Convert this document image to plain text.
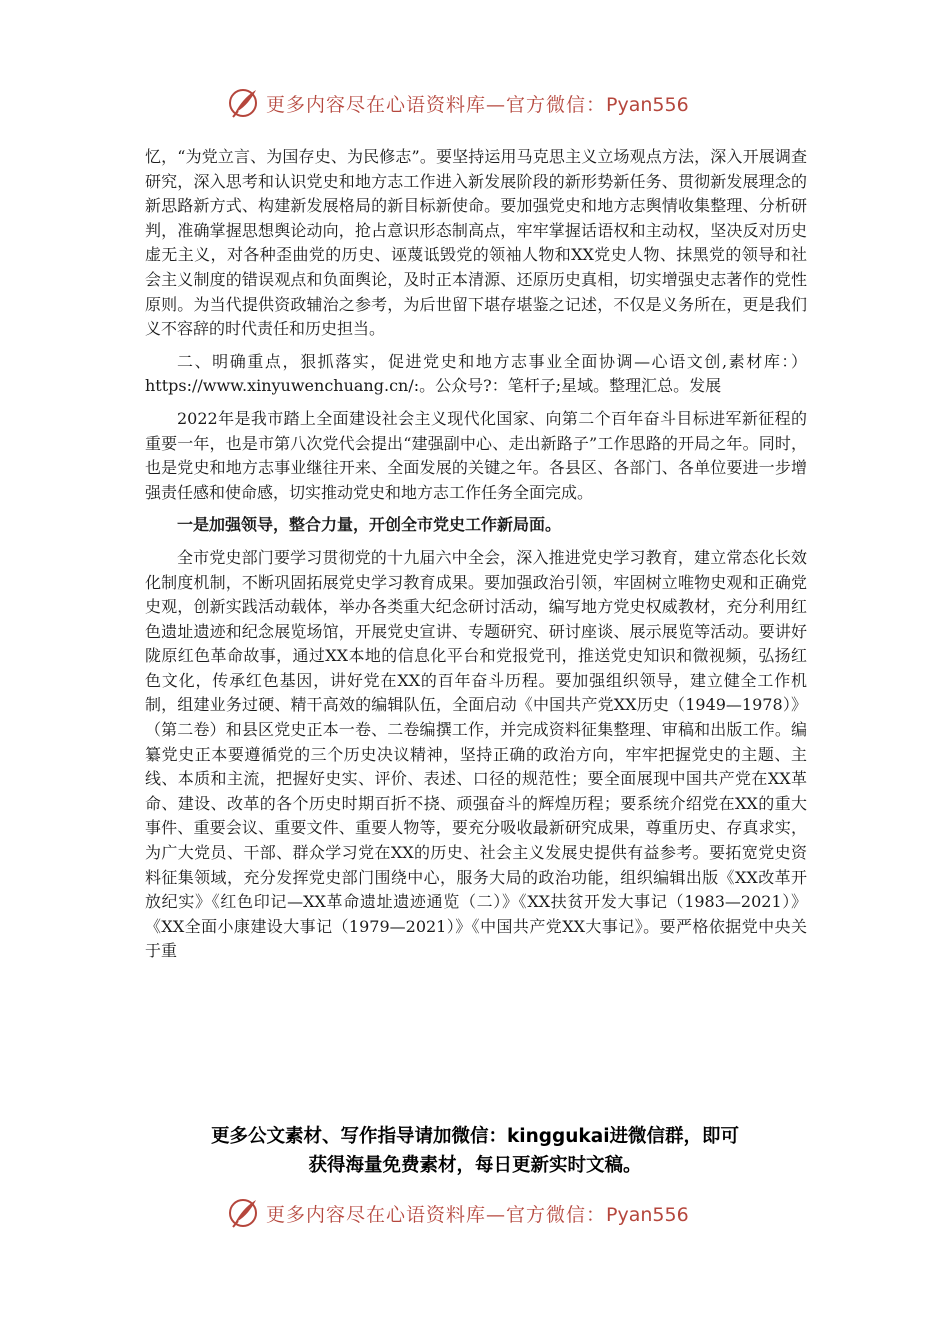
更多内容尽在心语资料库—官方微信：Pyan556

忆，“为党立言、为国存史、为民修志”。要坚持运用马克思主义立场观点方法，深入开展调查研究，深入思考和认识党史和地方志工作进入新发展阶段的新形势新任务、贯彻新发展理念的新思路新方式、构建新发展格局的新目标新使命。要加强党史和地方志舆情收集整理、分析研判，准确掌握思想舆论动向，抢占意识形态制高点，牢牢掌握话语权和主动权，坚决反对历史虚无主义，对各种歪曲党的历史、诬蔑诋毁党的领袖人物和XX党史人物、抹黑党的领导和社会主义制度的错误观点和负面舆论，及时正本清源、还原历史真相，切实增强史志著作的党性原则。为当代提供资政辅治之参考，为后世留下堪存堪鉴之记述，不仅是义务所在，更是我们义不容辞的时代责任和历史担当。

二、明确重点，狠抓落实，促进党史和地方志事业全面协调—心语文创,素材库：）https://www.xinyuwenchuang.cn/:。公众号?：笔杆子;星域。整理汇总。发展

2022年是我市踏上全面建设社会主义现代化国家、向第二个百年奋斗目标进军新征程的重要一年，也是市第八次党代会提出“建强副中心、走出新路子”工作思路的开局之年。同时，也是党史和地方志事业继往开来、全面发展的关键之年。各县区、各部门、各单位要进一步增强责任感和使命感，切实推动党史和地方志工作任务全面完成。

一是加强领导，整合力量，开创全市党史工作新局面。

全市党史部门要学习贯彻党的十九届六中全会，深入推进党史学习教育，建立常态化长效化制度机制，不断巩固拓展党史学习教育成果。要加强政治引领，牢固树立唯物史观和正确党史观，创新实践活动载体，举办各类重大纪念研讨活动，编写地方党史权威教材，充分利用红色遗址遗迹和纪念展览场馆，开展党史宣讲、专题研究、研讨座谈、展示展览等活动。要讲好陇原红色革命故事，通过XX本地的信息化平台和党报党刊，推送党史知识和微视频，弘扬红色文化，传承红色基因，讲好党在XX的百年奋斗历程。要加强组织领导，建立健全工作机制，组建业务过硬、精干高效的编辑队伍，全面启动《中国共产党XX历史（1949—1978）》（第二卷）和县区党史正本一卷、二卷编撰工作，并完成资料征集整理、审稿和出版工作。编纂党史正本要遵循党的三个历史决议精神，坚持正确的政治方向，牢牢把握党史的主题、主线、本质和主流，把握好史实、评价、表述、口径的规范性；要全面展现中国共产党在XX革命、建设、改革的各个历史时期百折不挠、顽强奋斗的辉煌历程；要系统介绍党在XX的重大事件、重要会议、重要文件、重要人物等，要充分吸收最新研究成果，尊重历史、存真求实，为广大党员、干部、群众学习党在XX的历史、社会主义发展史提供有益参考。要拓宽党史资料征集领域，充分发挥党史部门围绕中心，服务大局的政治功能，组织编辑出版《XX改革开放纪实》《红色印记—XX革命遗址遗迹通览（二）》《XX扶贫开发大事记（1983—2021）》《XX全面小康建设大事记（1979—2021）》《中国共产党XX大事记》。要严格依据党中央关于重

更多公文素材、写作指导请加微信：kinggukai进微信群，即可
获得海量免费素材，每日更新实时文稿。
更多内容尽在心语资料库—官方微信：Pyan556
